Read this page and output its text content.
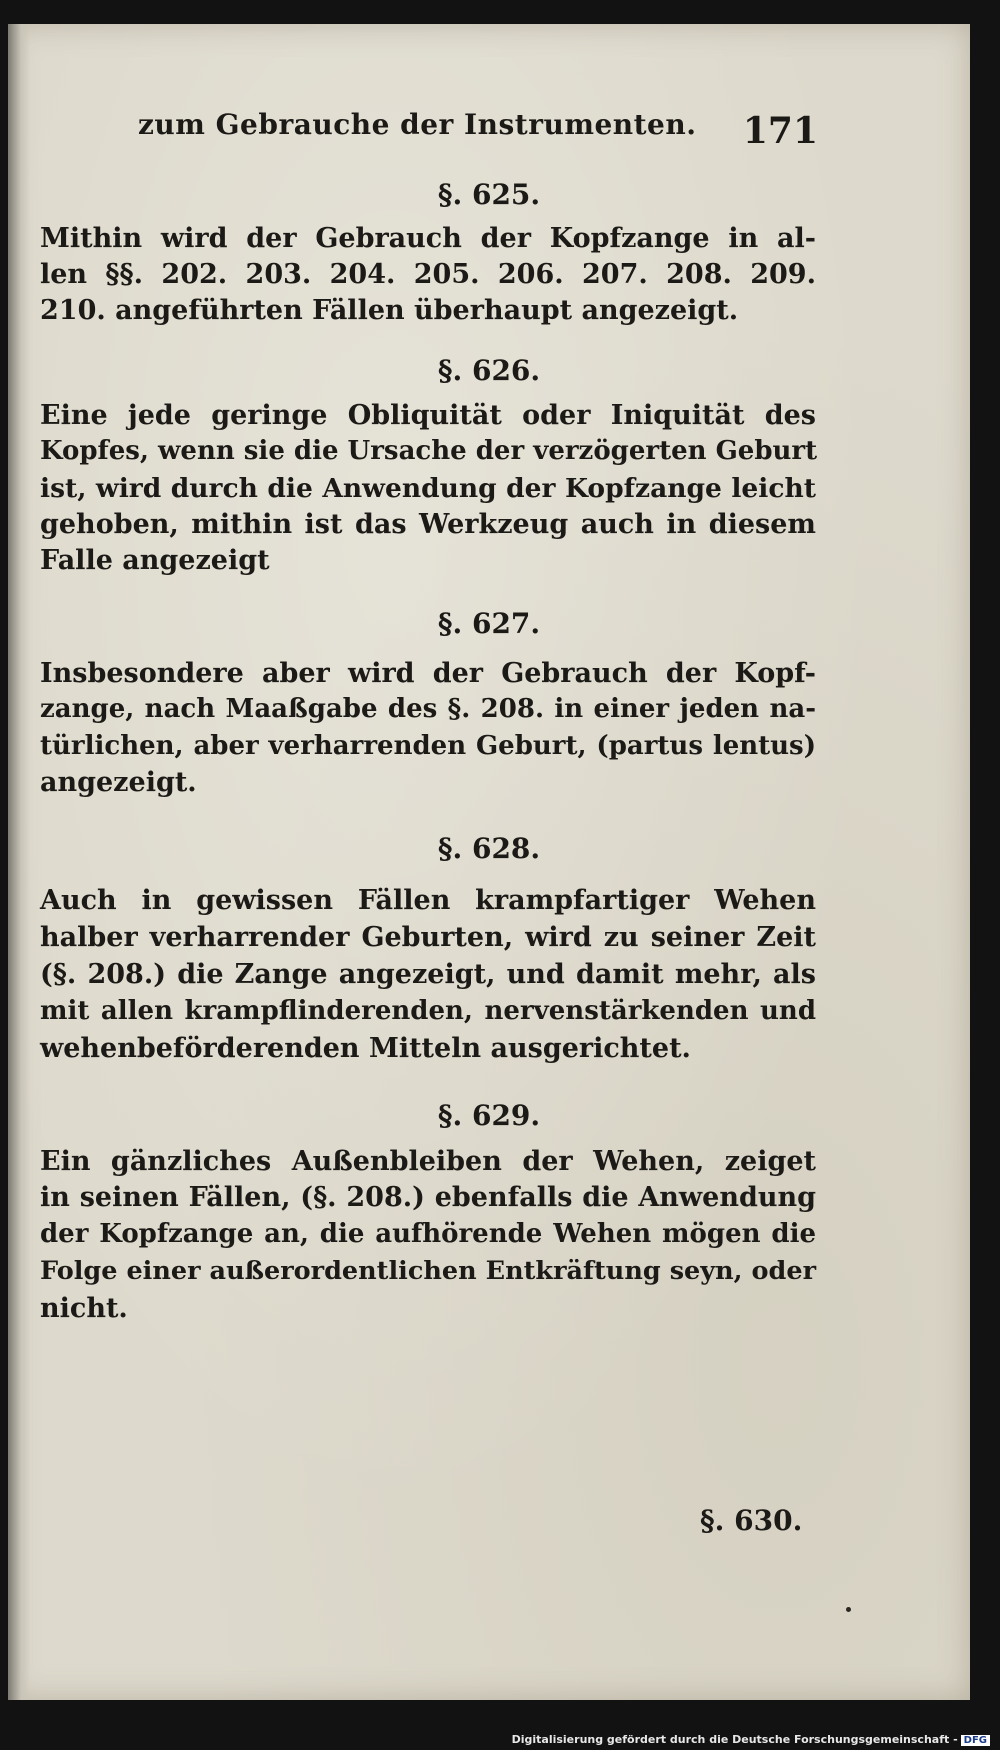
zum Gebrauche der Instrumenten. 171
§. 625.
Mithin wird der Gebrauch der Kopfzange in al-
len §§. 202. 203. 204. 205. 206. 207. 208. 209.
210. angeführten Fällen überhaupt angezeigt.
§. 626.
Eine jede geringe Obliquität oder Iniquität des
Kopfes, wenn sie die Ursache der verzögerten Geburt
ist, wird durch die Anwendung der Kopfzange leicht
gehoben, mithin ist das Werkzeug auch in diesem
Falle angezeigt
§. 627.
Insbesondere aber wird der Gebrauch der Kopf-
zange, nach Maaßgabe des §. 208. in einer jeden na-
türlichen, aber verharrenden Geburt, (partus lentus)
angezeigt.
§. 628.
Auch in gewissen Fällen krampfartiger Wehen
halber verharrender Geburten, wird zu seiner Zeit
(§. 208.) die Zange angezeigt, und damit mehr, als
mit allen krampflinderenden, nervenstärkenden und
wehenbeförderenden Mitteln ausgerichtet.
§. 629.
Ein gänzliches Außenbleiben der Wehen, zeiget
in seinen Fällen, (§. 208.) ebenfalls die Anwendung
der Kopfzange an, die aufhörende Wehen mögen die
Folge einer außerordentlichen Entkräftung seyn, oder
nicht.
§. 630.
Digitalisierung gefördert durch die Deutsche Forschungsgemeinschaft - DFG
